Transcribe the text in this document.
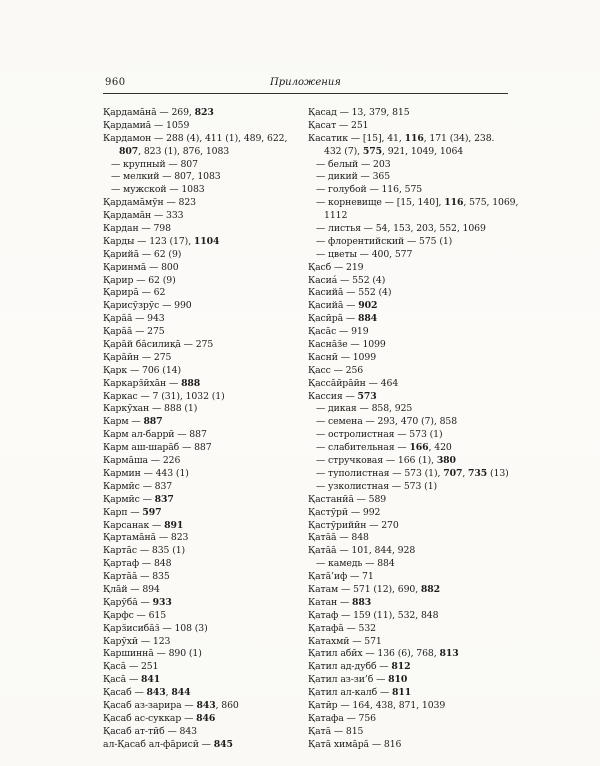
960	Приложения
Қардама̄на̄ — 269, 823
Қардамиа̄ — 1059
Кардамон — 288 (4), 411 (1), 489, 622,
807, 823 (1), 876, 1083
— крупный — 807
— мелкий — 807, 1083
— мужской — 1083
Қардама̄мӯн — 823
Қардама̄н — 333
Кардан — 798
Карды — 123 (17), 1104
Қарийа̄ — 62 (9)
Қаринма̄ — 800
Қарир — 62 (9)
Қарира̄ — 62
Қарисӯзрӯс — 990
Қара̄а̄ — 943
Қара̄а̄ — 275
Қара̄й ба̄силиқа̄ — 275
Қара̄ӣн — 275
Қарк — 706 (14)
Каркарз̆ӣха̄н — 888
Каркас — 7 (31), 1032 (1)
Каркӯхан — 888 (1)
Карм — 887
Карм ал-баррӣ — 887
Карм аш-шара̄б — 887
Карма̄ша — 226
Кармин — 443 (1)
Кармӣс — 837
Қармӣс — 837
Карп — 597
Карсанак — 891
Қартама̄на̄ — 823
Карта̄с — 835 (1)
Қартаф — 848
Карта̄а̄ — 835
Қла̄й — 894
Қарӯба̄ — 933
Қарфс — 615
Қарз̆исиба̄з̆ — 108 (3)
Карӯхӣ — 123
Каршинна̄ — 890 (1)
Қаса̄ — 251
Қаса̄ — 841
Қасаб — 843, 844
Қасаб аз-зарира — 843, 860
Қасаб ас-суккар — 846
Қасаб ат-тӣб — 843
ал-Қасаб ал-фа̄рисӣ — 845
Қасад — 13, 379, 815
Қасат — 251
Касатик — [15], 41, 116, 171 (34), 238.
432 (7), 575, 921, 1049, 1064
— белый — 203
— дикий — 365
— голубой — 116, 575
— корневище — [15, 140], 116, 575, 1069,
1112
— листья — 54, 153, 203, 552, 1069
— флорентийский — 575 (1)
— цветы — 400, 577
Қасб — 219
Касиа́ — 552 (4)
Касийа̄ — 552 (4)
Қасийа̄ — 902
Қасӣра̄ — 884
Қаса̄с — 919
Касна̄з̆е — 1099
Каснӣ — 1099
Қасс — 256
Қасса̄ӣра̄ӣн — 464
Кассия — 573
— дикая — 858, 925
— семена — 293, 470 (7), 858
— остролистная — 573 (1)
— слабительная — 166, 420
— стручковая — 166 (1), 380
— туполистная — 573 (1), 707, 735 (13)
— узколистная — 573 (1)
Қастанӣа̄ — 589
Қастӯрӣ — 992
Қастӯрийӣн — 270
Қата̄а̄ — 848
Қата̄а̄ — 101, 844, 928
— камедь — 884
Қата̄’иф — 71
Катам — 571 (12), 690, 882
Катан — 883
Қатаф — 159 (11), 532, 848
Қатафа̄ — 532
Катахмӣ — 571
Қатил абӣх — 136 (6), 768, 813
Қатил ад-дубб — 812
Қатил аз-зи’б — 810
Қатил ал-калб — 811
Қатӣр — 164, 438, 871, 1039
Қатафа — 756
Қата̄ — 815
Қата̄ хима̄ра̄ — 816
